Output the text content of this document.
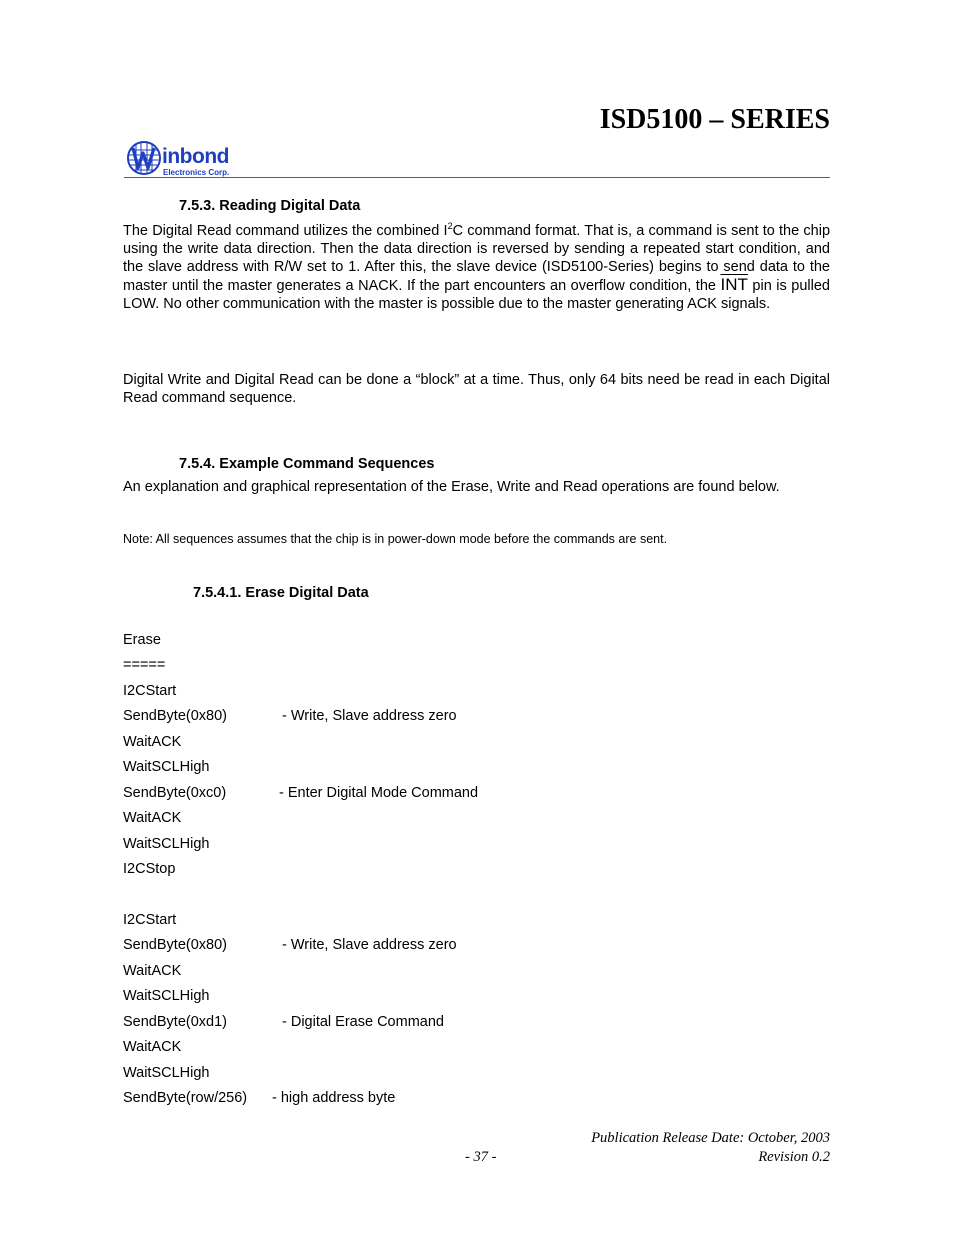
ISD5100 – SERIES
inbond
Electronics Corp.
7.5.3. Reading Digital Data
The Digital Read command utilizes the combined $I^2C$ command format. That is, a command is sent to the chip using the write data direction. Then the data direction is reversed by sending a repeated start condition, and the slave address with R/W set to 1. After this, the slave device (ISD5100-Series) begins to send data to the master until the master generates a NACK. If the part encounters an overflow condition, the $\overline{INT}$ pin is pulled LOW. No other communication with the master is possible due to the master generating ACK signals.
Digital Write and Digital Read can be done a “block” at a time. Thus, only 64 bits need be read in each Digital Read command sequence.
7.5.4. Example Command Sequences
An explanation and graphical representation of the Erase, Write and Read operations are found below.
Note: All sequences assumes that the chip is in power-down mode before the commands are sent.
7.5.4.1. Erase Digital Data
Erase
=====
I2CStart
SendByte(0x80)	- Write, Slave address zero
WaitACK
WaitSCLHigh
SendByte(0xc0)	- Enter Digital Mode Command
WaitACK
WaitSCLHigh
I2CStop
I2CStart
SendByte(0x80)	- Write, Slave address zero
WaitACK
WaitSCLHigh
SendByte(0xd1)	- Digital Erase Command
WaitACK
WaitSCLHigh
SendByte(row/256) - high address byte
Publication Release Date: October, 2003
- 37 -	Revision 0.2
